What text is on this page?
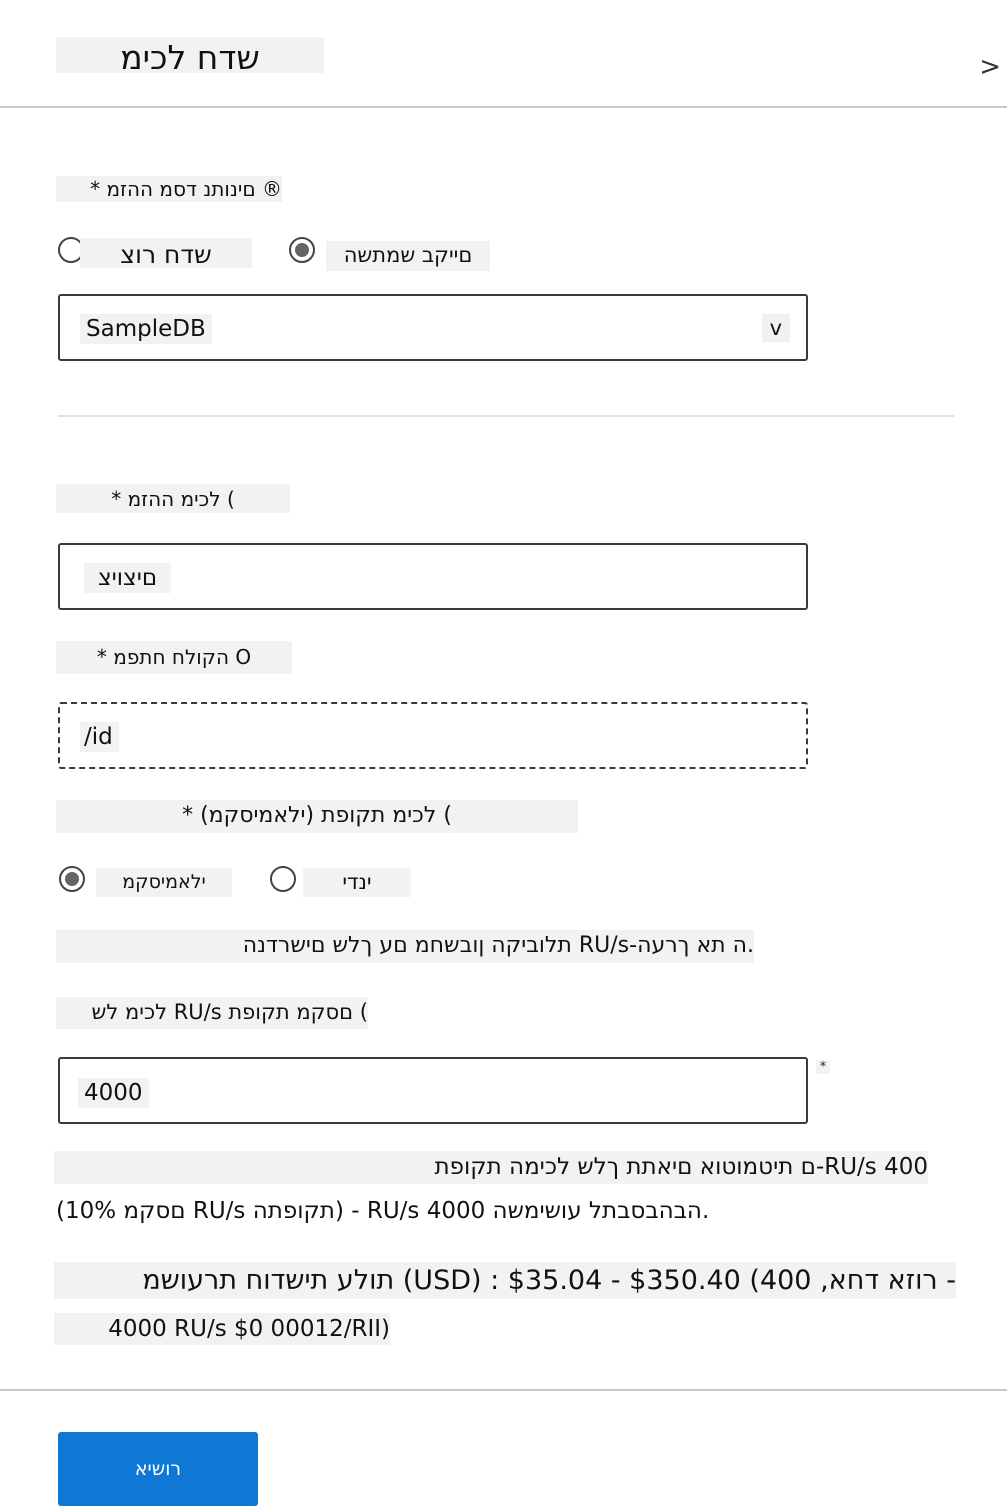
שדח לכימ	>
* םינותנ דסמ ההזמ ®
שדח רוצ	םייקב שמתשה
SampleDB	v
* לכימ ההזמ (
םיצויצ
* הקולח חתפמ O
/id
* (ילאמיסקמ) לכימ תקופת (
ילאמיסקמ	ינדי
תלוביקה ןובשחמ םע ךלש םישרדנה RU/s-ה תא ךרעה.
לכימ לש RU/s םסקמ תקופת (
4000
*
ם תיטמוטוא םיאתת ךלש לכימה תקופת-RU/s 400
(10% םסקמ RU/s תקופתה) - RU/s 4000 הבהבסבתל עושימשה.
תולע תישדוח תרעושמ (USD) : $35.04 - $350.40 (רוזא דחא, 400 -
4000 RU/s $0 00012/RII)
רושיא
